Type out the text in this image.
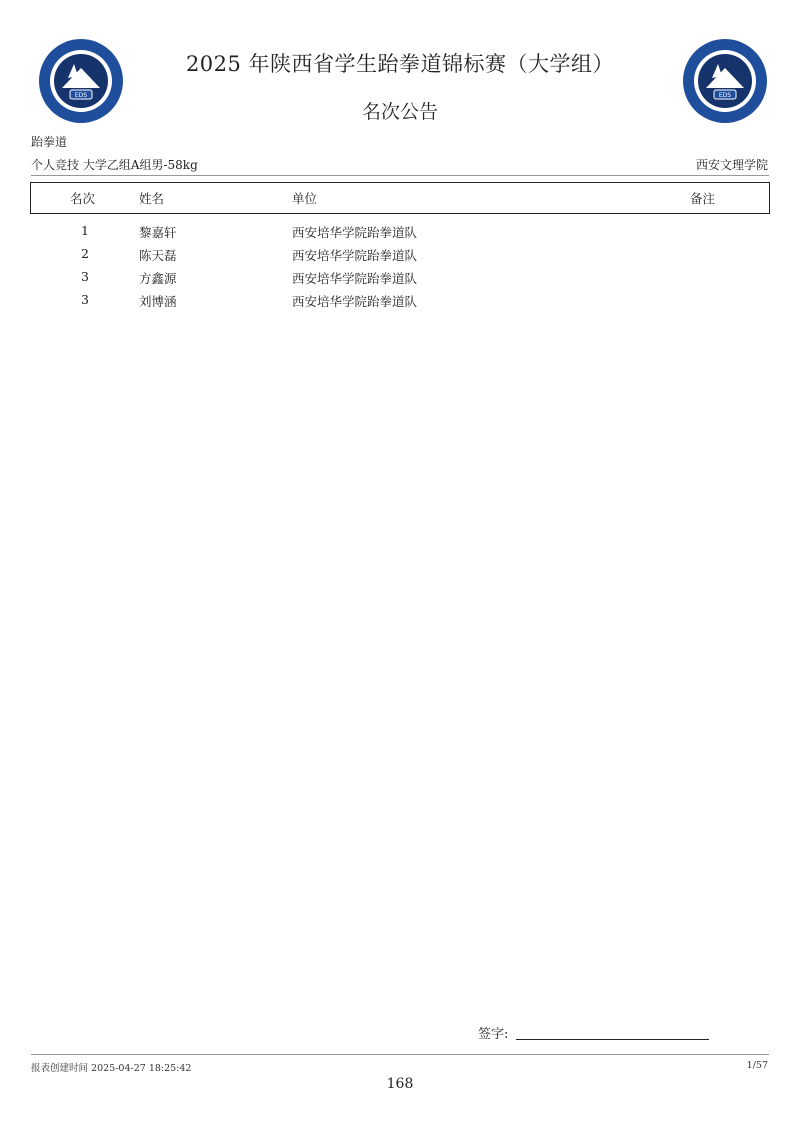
EDS	EDS
2025 年陕西省学生跆拳道锦标赛（大学组）
名次公告
跆拳道
个人竞技 大学乙组A组男-58kg	西安文理学院
名次	姓名	单位	备注
1	黎嘉轩	西安培华学院跆拳道队
2	陈天磊	西安培华学院跆拳道队
3	方鑫源	西安培华学院跆拳道队
3	刘博涵	西安培华学院跆拳道队
签字:
报表创建时间 2025-04-27 18:25:42	1/57
168
